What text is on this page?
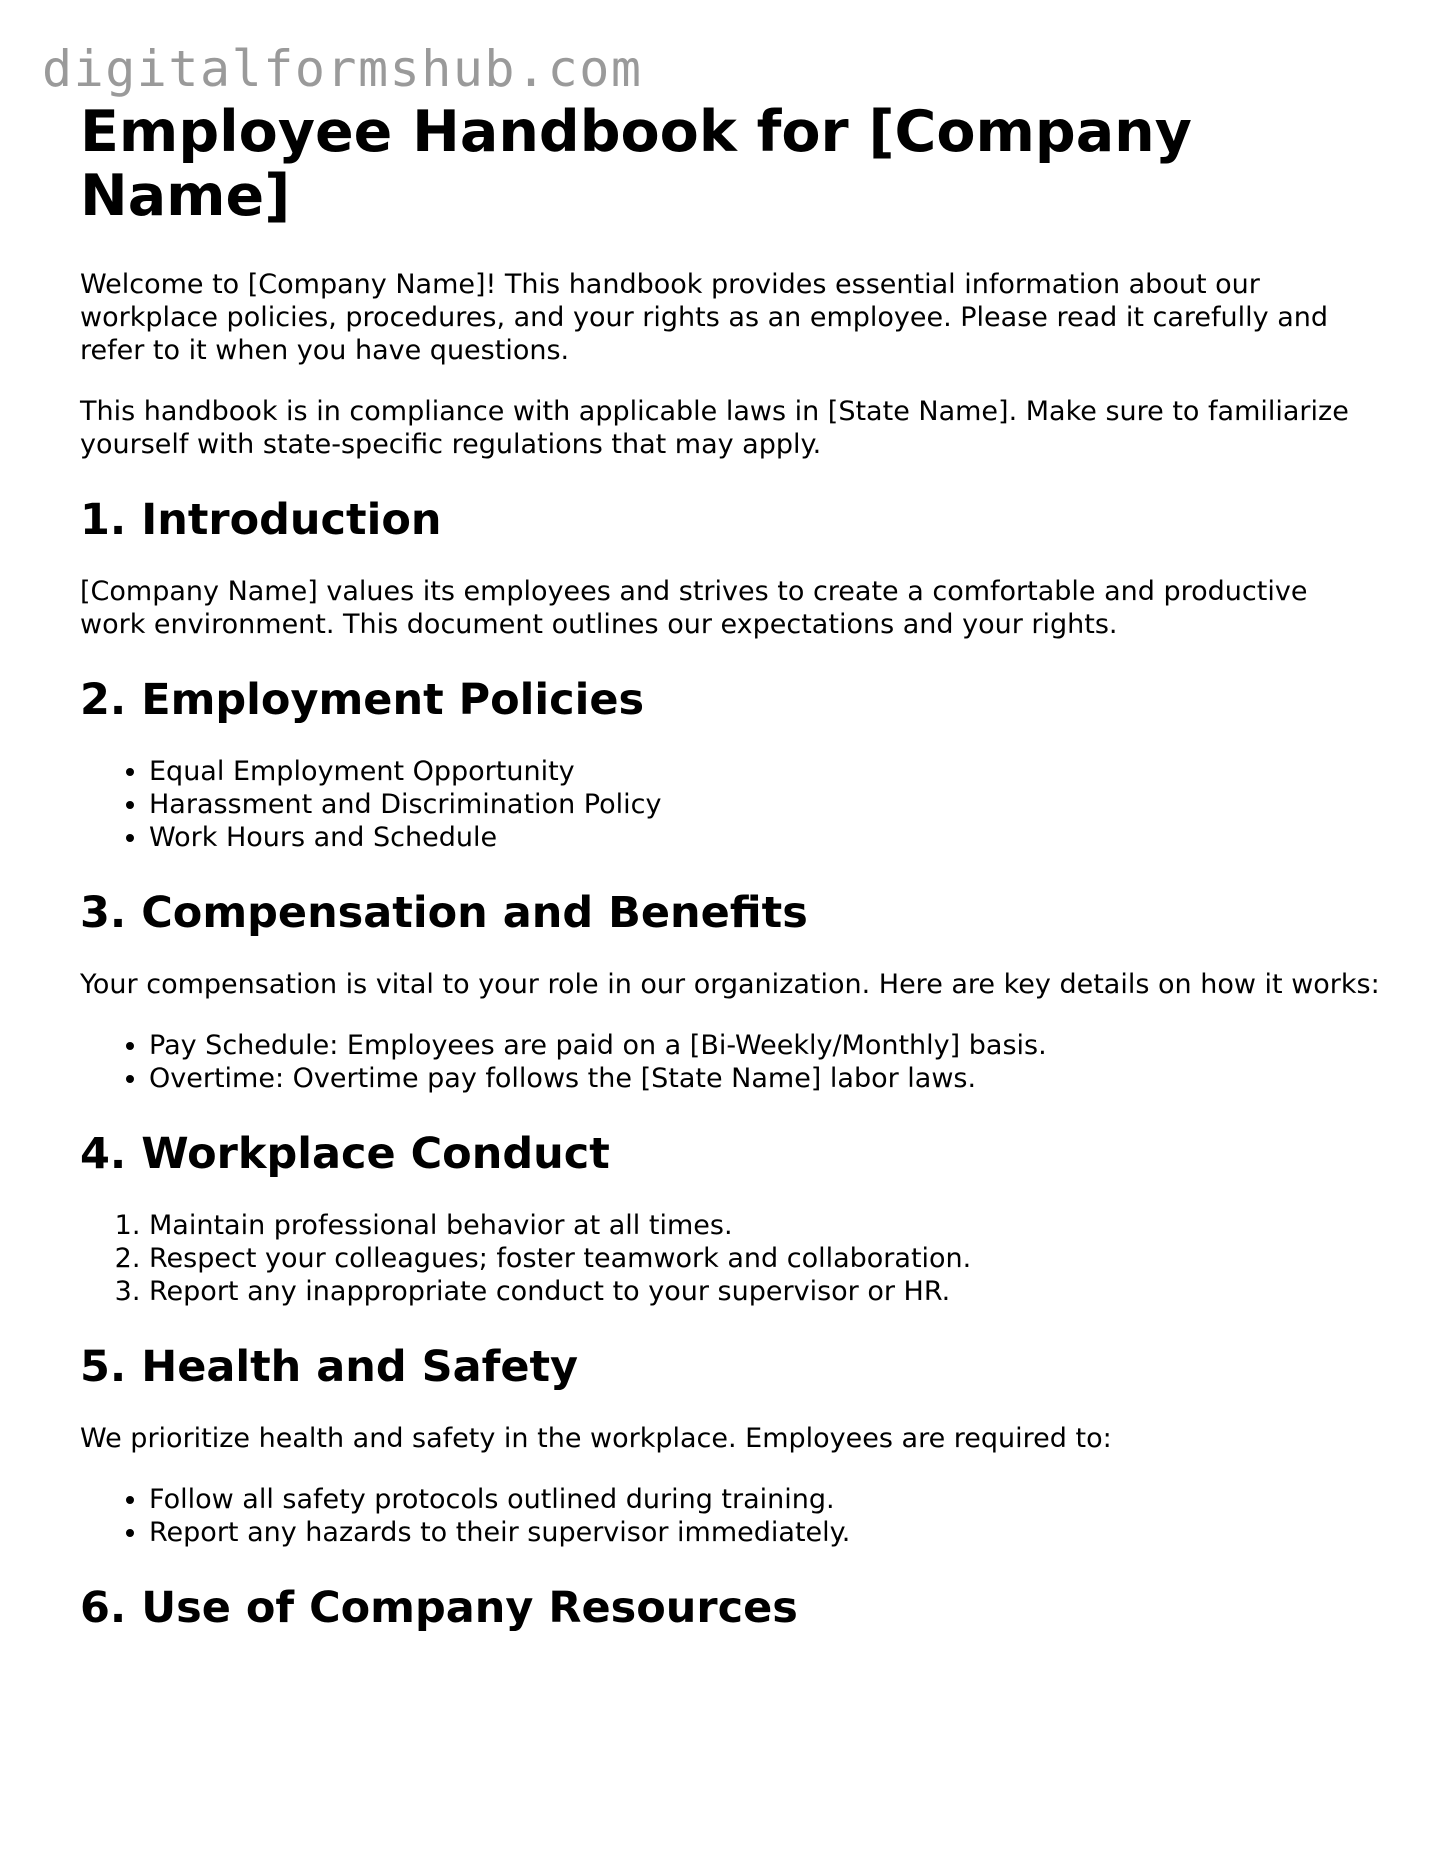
digitalformshub.com
Employee Handbook for [Company Name]

Welcome to [Company Name]! This handbook provides essential information about our workplace policies, procedures, and your rights as an employee. Please read it carefully and refer to it when you have questions.

This handbook is in compliance with applicable laws in [State Name]. Make sure to familiarize yourself with state-specific regulations that may apply.

1. Introduction

[Company Name] values its employees and strives to create a comfortable and productive work environment. This document outlines our expectations and your rights.

2. Employment Policies
• Equal Employment Opportunity
• Harassment and Discrimination Policy
• Work Hours and Schedule
3. Compensation and Benefits

Your compensation is vital to your role in our organization. Here are key details on how it works:

• Pay Schedule: Employees are paid on a [Bi-Weekly/Monthly] basis.
• Overtime: Overtime pay follows the [State Name] labor laws.
4. Workplace Conduct
1. Maintain professional behavior at all times.
2. Respect your colleagues; foster teamwork and collaboration.
3. Report any inappropriate conduct to your supervisor or HR.
5. Health and Safety

We prioritize health and safety in the workplace. Employees are required to:

• Follow all safety protocols outlined during training.
• Report any hazards to their supervisor immediately.
6. Use of Company Resources
